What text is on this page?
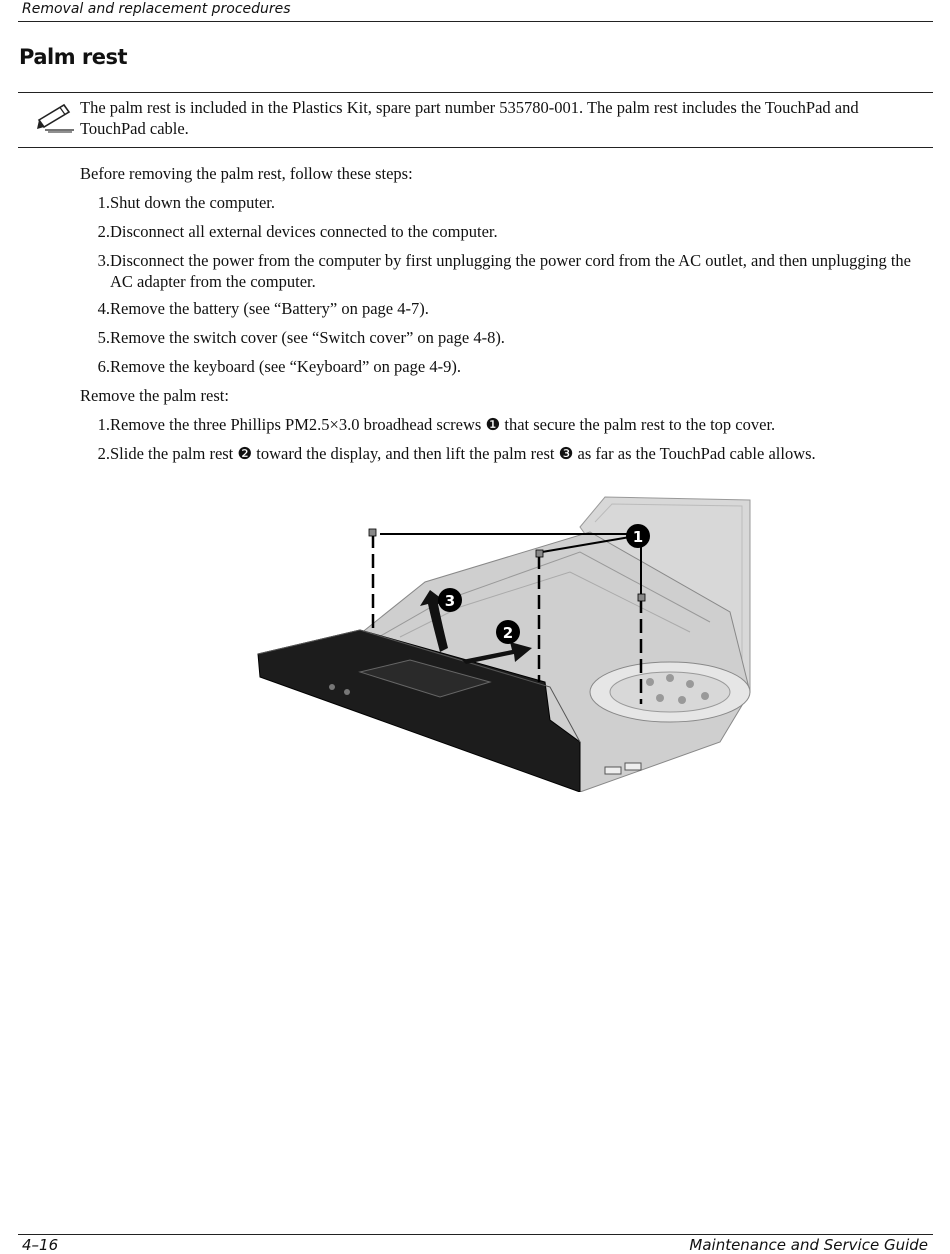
Removal and replacement procedures
Palm rest
The palm rest is included in the Plastics Kit, spare part number 535780-001. The palm rest includes the TouchPad and TouchPad cable.
Before removing the palm rest, follow these steps:
1. Shut down the computer.
2. Disconnect all external devices connected to the computer.
3. Disconnect the power from the computer by first unplugging the power cord from the AC outlet, and then unplugging the AC adapter from the computer.
4. Remove the battery (see “Battery” on page 4-7).
5. Remove the switch cover (see “Switch cover” on page 4-8).
6. Remove the keyboard (see “Keyboard” on page 4-9).
Remove the palm rest:
1. Remove the three Phillips PM2.5×3.0 broadhead screws ❶ that secure the palm rest to the top cover.
2. Slide the palm rest ❷ toward the display, and then lift the palm rest ❸ as far as the TouchPad cable allows.
1
2
3
4–16	Maintenance and Service Guide
